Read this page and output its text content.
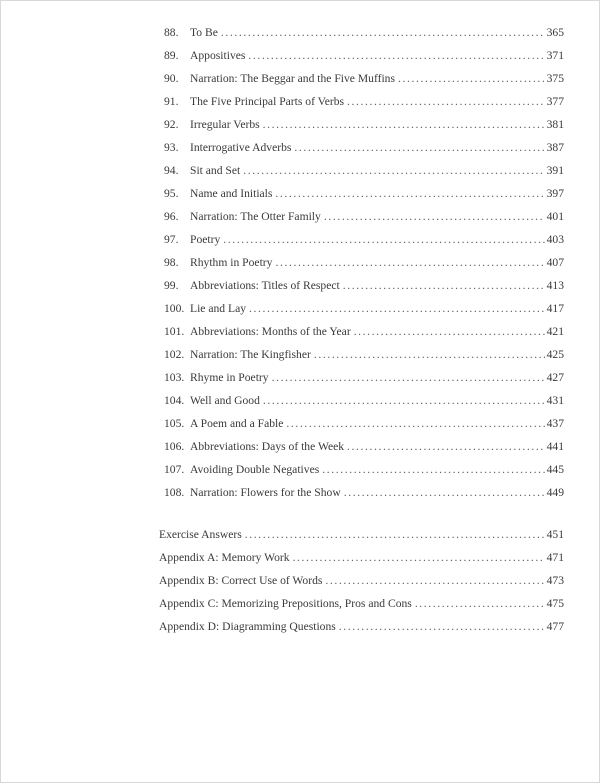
88. To Be . . .	365
89. Appositives . . .	371
90. Narration: The Beggar and the Five Muffins . . .	375
91. The Five Principal Parts of Verbs . . .	377
92. Irregular Verbs . . .	381
93. Interrogative Adverbs . . .	387
94. Sit and Set . . .	391
95. Name and Initials . . .	397
96. Narration: The Otter Family . . .	401
97. Poetry . . .	403
98. Rhythm in Poetry . . .	407
99. Abbreviations: Titles of Respect . . .	413
100. Lie and Lay . . .	417
101. Abbreviations: Months of the Year . . .	421
102. Narration: The Kingfisher . . .	425
103. Rhyme in Poetry . . .	427
104. Well and Good . . .	431
105. A Poem and a Fable . . .	437
106. Abbreviations: Days of the Week . . .	441
107. Avoiding Double Negatives . . .	445
108. Narration: Flowers for the Show . . .	449
Exercise Answers . . .	451
Appendix A: Memory Work . . .	471
Appendix B: Correct Use of Words . . .	473
Appendix C: Memorizing Prepositions, Pros and Cons . . .	475
Appendix D: Diagramming Questions . . .	477
